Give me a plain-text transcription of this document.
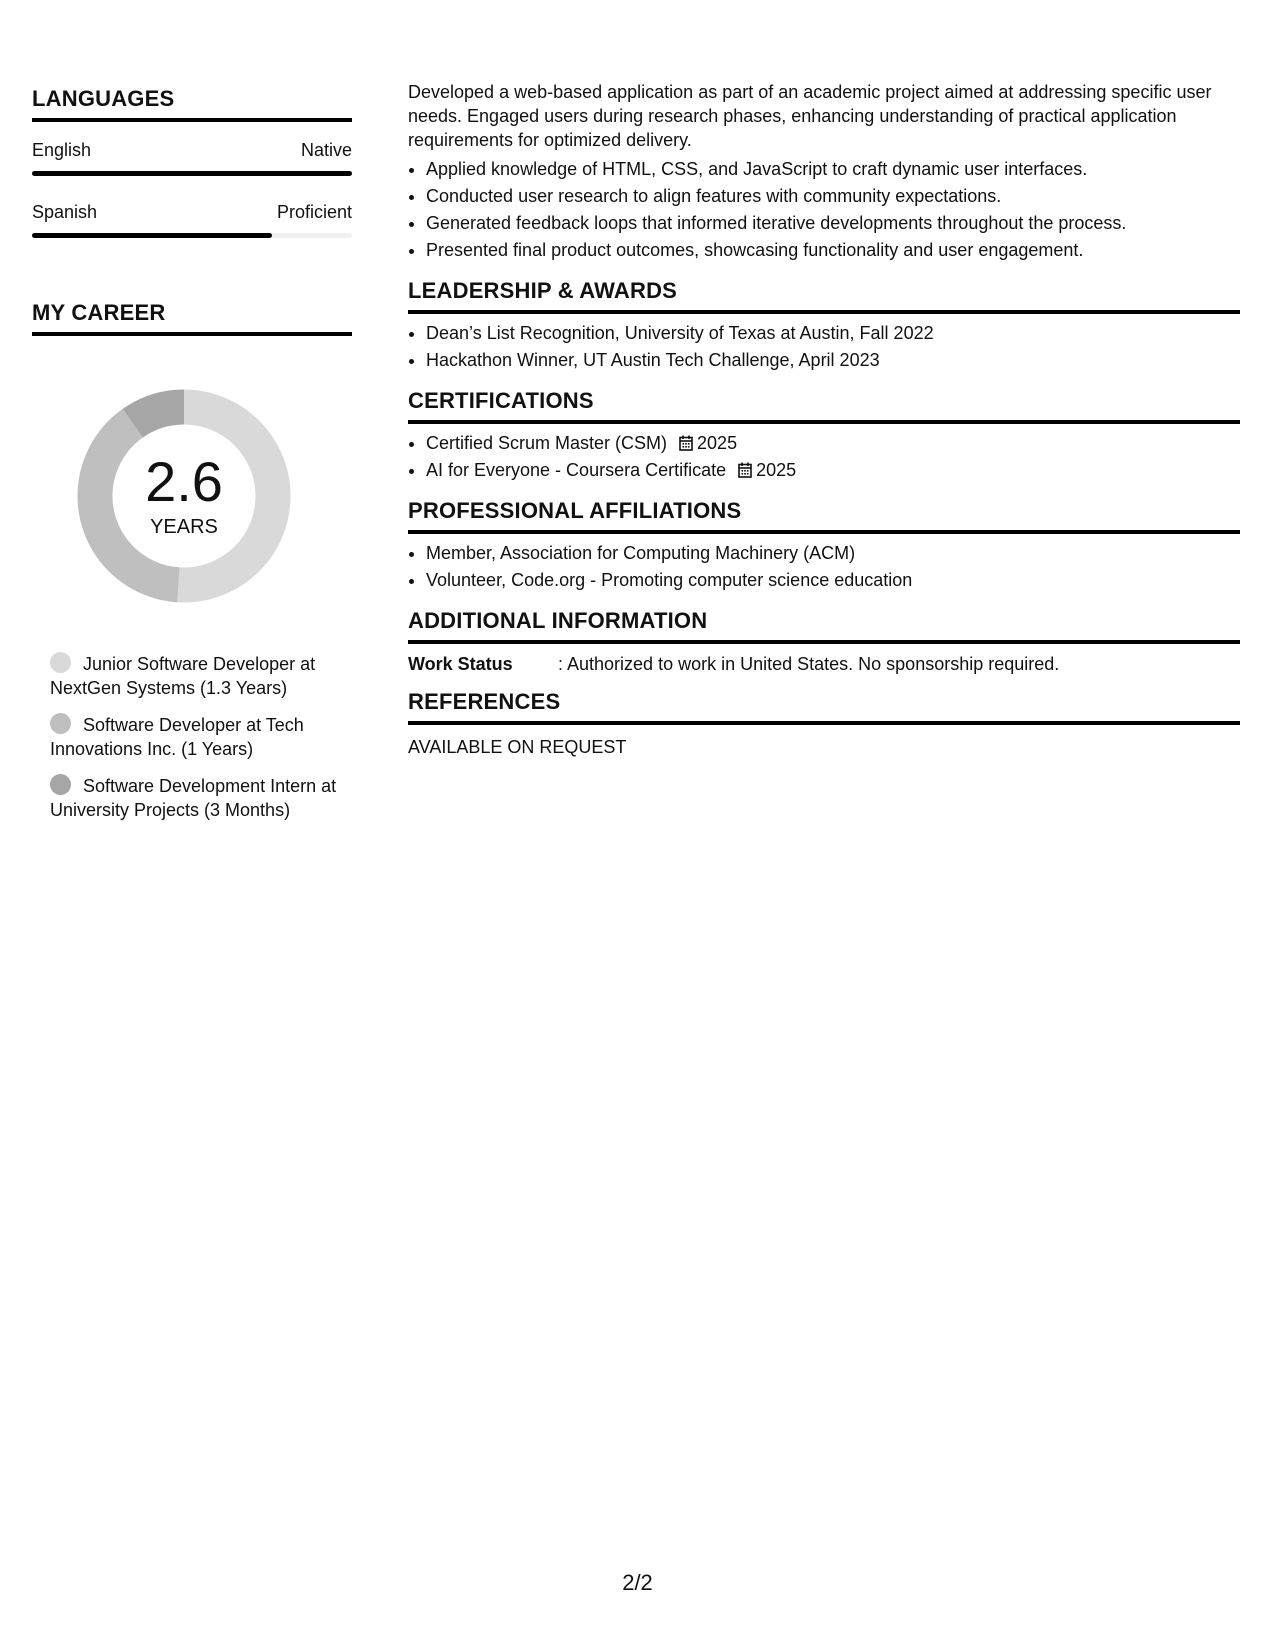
LANGUAGES
English	Native
Spanish	Proficient
MY CAREER
2.6
YEARS
Junior Software Developer at NextGen Systems (1.3 Years)
Software Developer at Tech Innovations Inc. (1 Years)
Software Development Intern at University Projects (3 Months)

Developed a web-based application as part of an academic project aimed at addressing specific user needs. Engaged users during research phases, enhancing understanding of practical application requirements for optimized delivery.

• Applied knowledge of HTML, CSS, and JavaScript to craft dynamic user interfaces.
• Conducted user research to align features with community expectations.
• Generated feedback loops that informed iterative developments throughout the process.
• Presented final product outcomes, showcasing functionality and user engagement.
LEADERSHIP & AWARDS
• Dean’s List Recognition, University of Texas at Austin, Fall 2022
• Hackathon Winner, UT Austin Tech Challenge, April 2023
CERTIFICATIONS
• Certified Scrum Master (CSM) 2025
• AI for Everyone - Coursera Certificate 2025
PROFESSIONAL AFFILIATIONS
• Member, Association for Computing Machinery (ACM)
• Volunteer, Code.org - Promoting computer science education
ADDITIONAL INFORMATION
Work Status	: Authorized to work in United States. No sponsorship required.
REFERENCES
AVAILABLE ON REQUEST
2/2
